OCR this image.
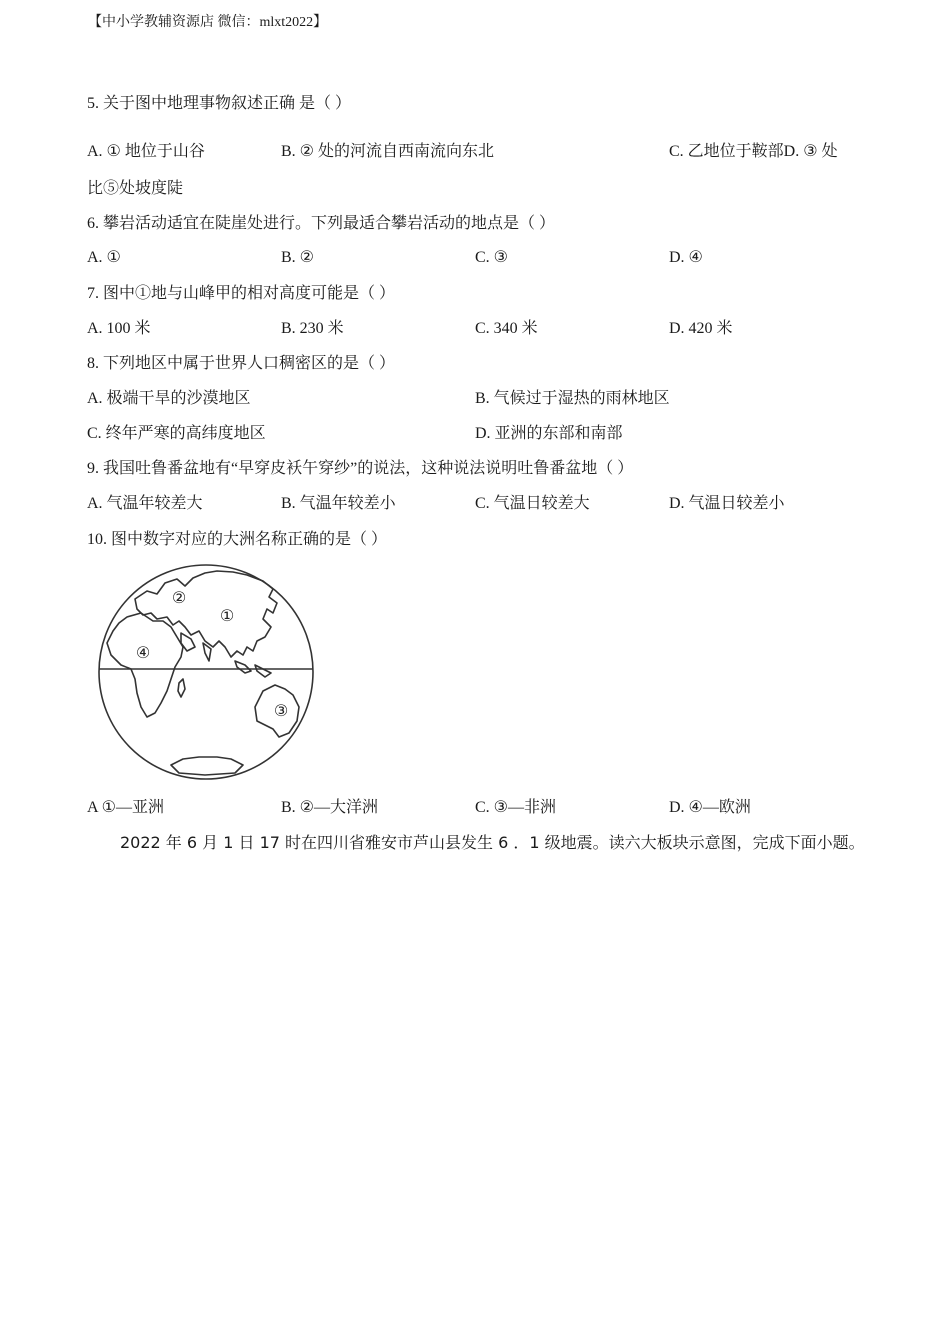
【中小学教辅资源店 微信：mlxt2022】
5. 关于图中地理事物叙述正确 是（ ）
A. ① 地位于山谷	B. ② 处的河流自西南流向东北	C. 乙地位于鞍部D. ③ 处
比⑤处坡度陡
6. 攀岩活动适宜在陡崖处进行。下列最适合攀岩活动的地点是（ ）
A. ①	B. ②	C. ③	D. ④
7. 图中①地与山峰甲的相对高度可能是（ ）
A. 100 米	B. 230 米	C. 340 米	D. 420 米
8. 下列地区中属于世界人口稠密区的是（ ）
A. 极端干旱的沙漠地区	B. 气候过于湿热的雨林地区
C. 终年严寒的高纬度地区	D. 亚洲的东部和南部
9. 我国吐鲁番盆地有“早穿皮袄午穿纱”的说法，这种说法说明吐鲁番盆地（ ）
A. 气温年较差大	B. 气温年较差小	C. 气温日较差大	D. 气温日较差小
10. 图中数字对应的大洲名称正确的是（ ）
②
①
④
③
A ①—亚洲	B. ②—大洋洲	C. ③—非洲	D. ④—欧洲
2022 年 6 月 1 日 17 时在四川省雅安市芦山县发生 6 ．1 级地震。读六大板块示意图，完成下面小题。
